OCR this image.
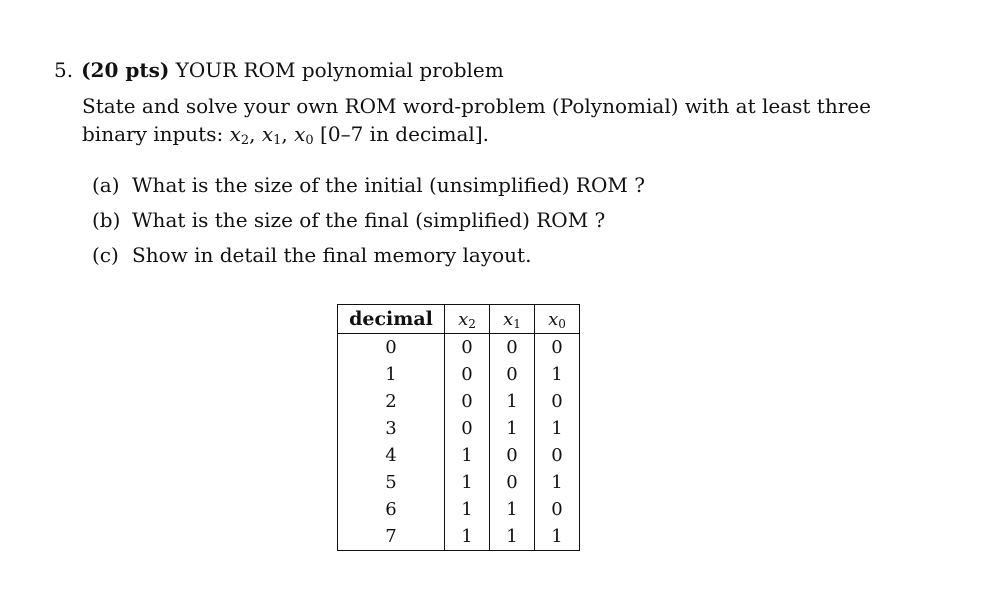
5. (20 pts) YOUR ROM polynomial problem
State and solve your own ROM word-problem (Polynomial) with at least three binary inputs: $x_2$, $x_1$, $x_0$ [0–7 in decimal].
(a) What is the size of the initial (unsimplified) ROM ?
(b) What is the size of the final (simplified) ROM ?
(c) Show in detail the final memory layout.
decimal	$x_2$	$x_1$	$x_0$
0	0	0	0
1	0	0	1
2	0	1	0
3	0	1	1
4	1	0	0
5	1	0	1
6	1	1	0
7	1	1	1
